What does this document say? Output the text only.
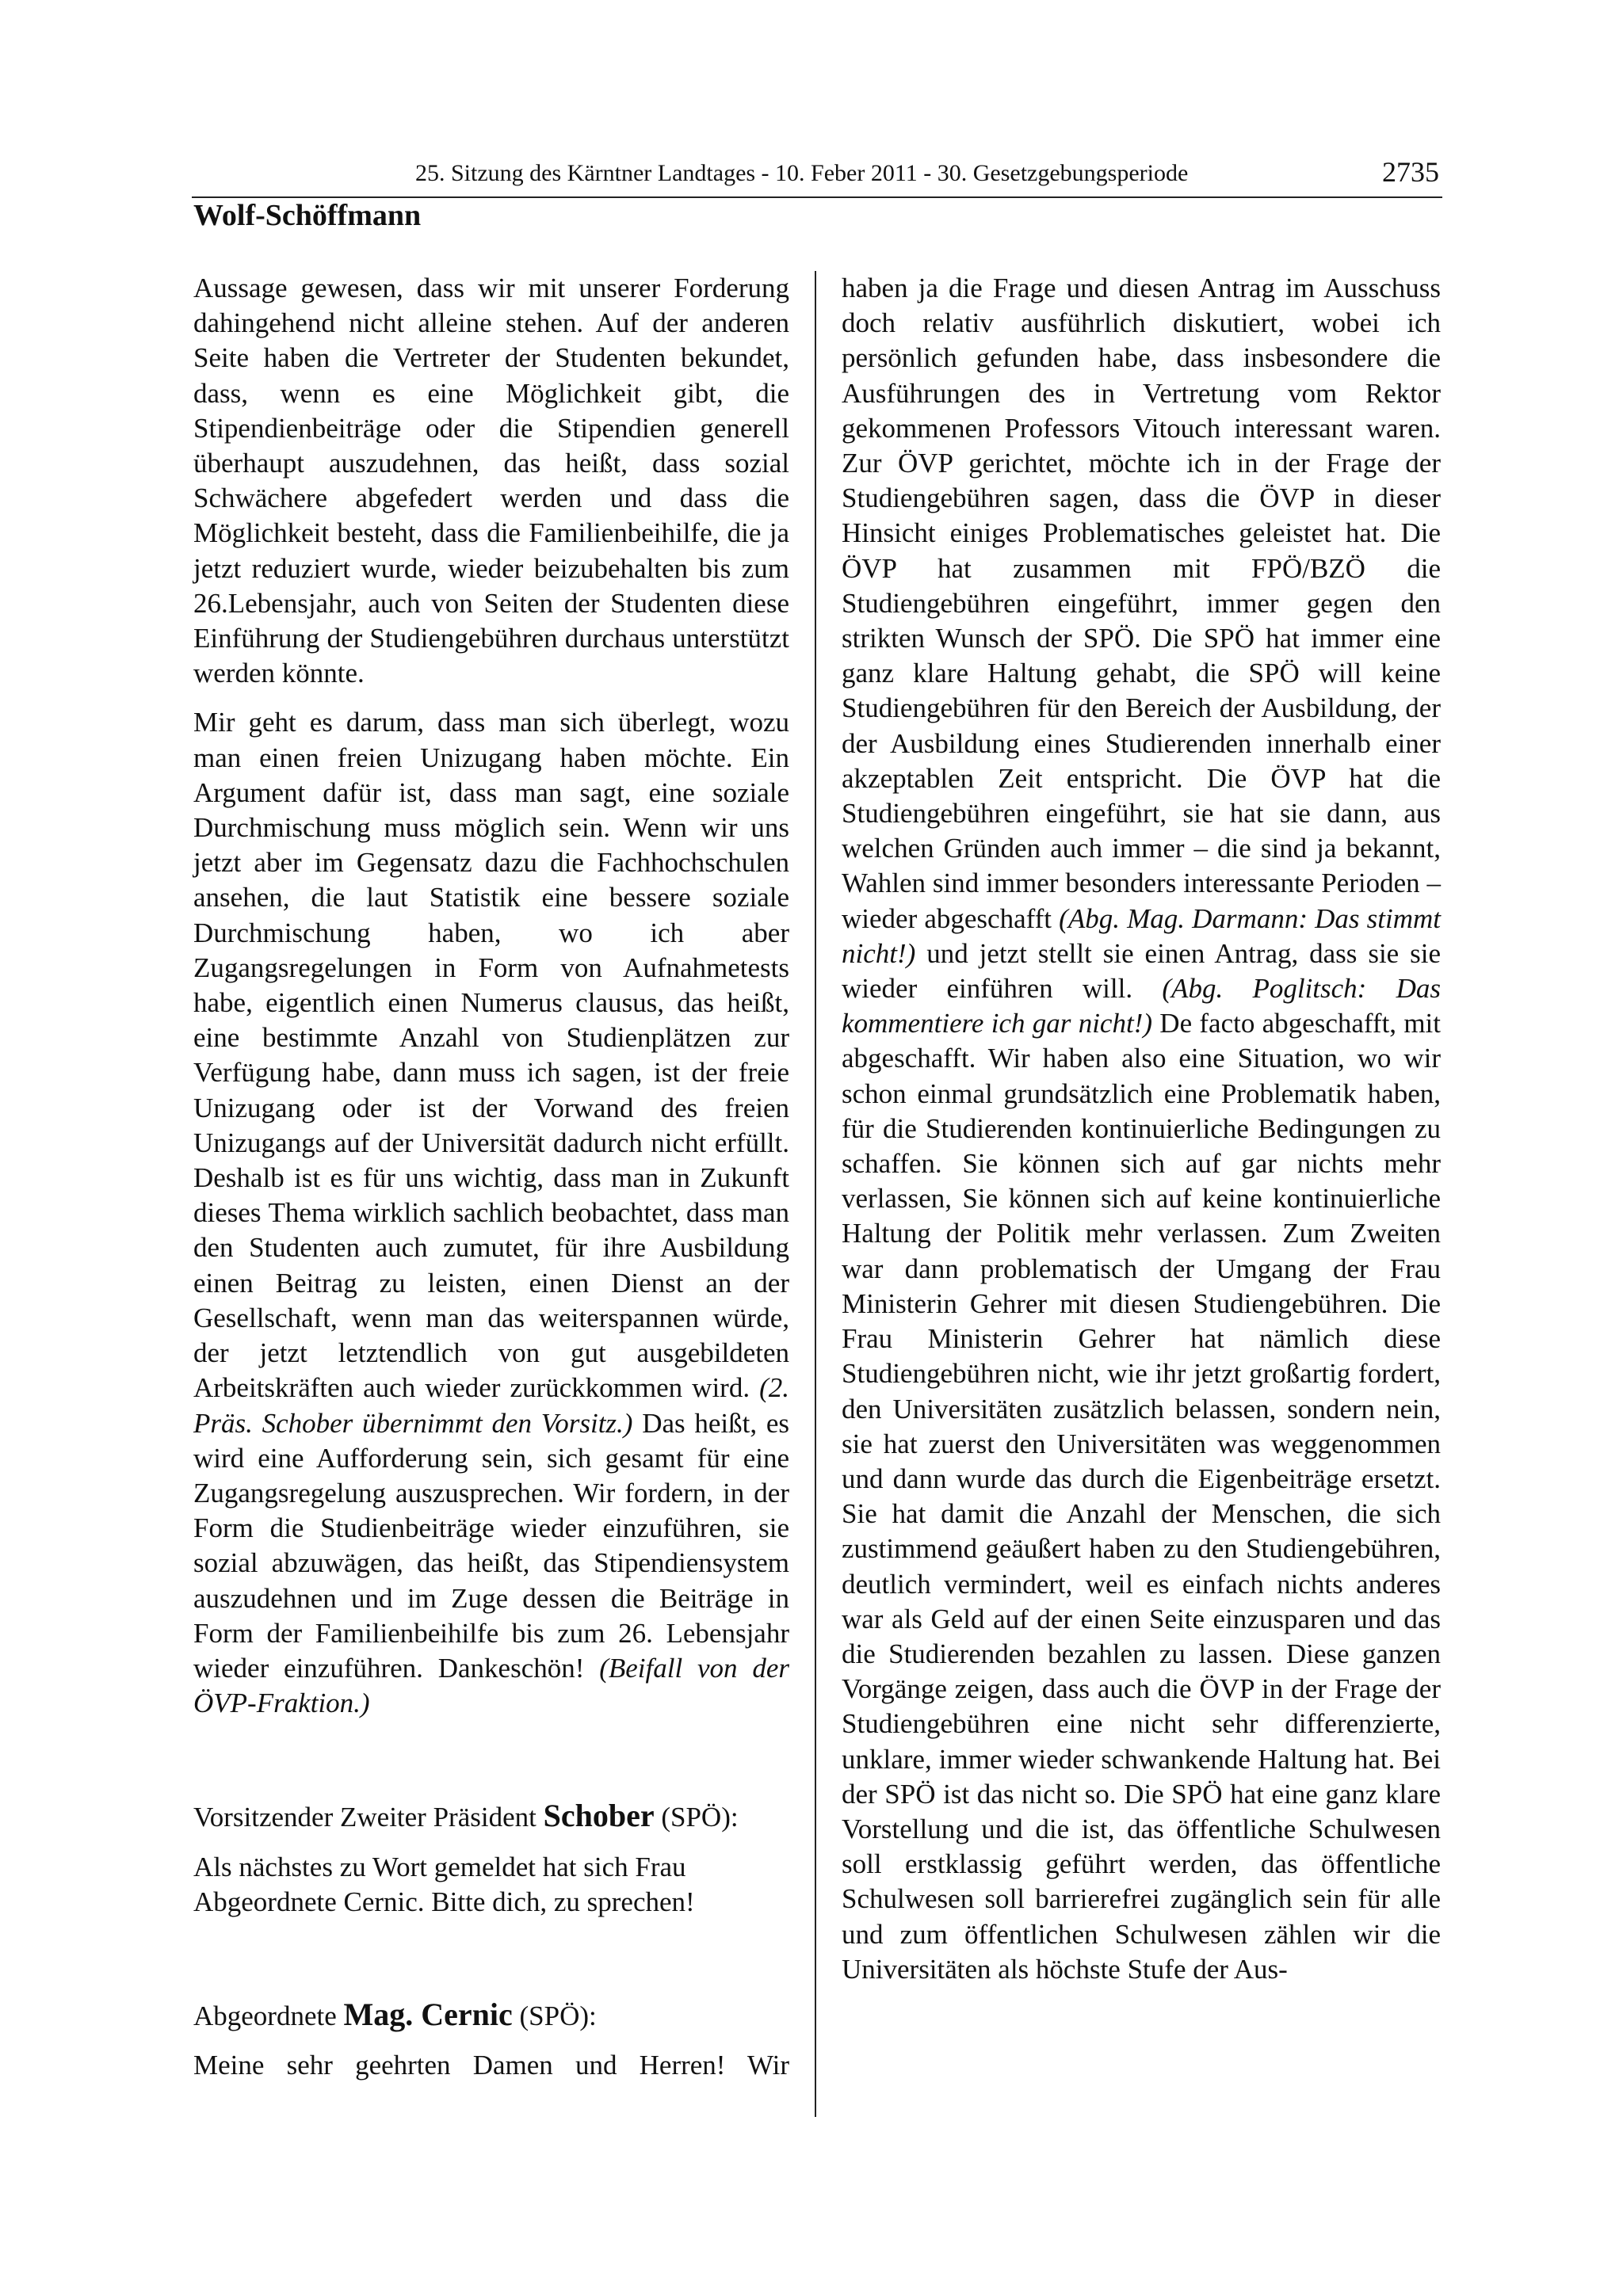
25. Sitzung des Kärntner Landtages - 10. Feber 2011 - 30. Gesetzgebungsperiode	2735
Wolf-Schöffmann

Aussage gewesen, dass wir mit unserer Forderung dahingehend nicht alleine stehen. Auf der anderen Seite haben die Vertreter der Studenten bekundet, dass, wenn es eine Möglichkeit gibt, die Stipendienbeiträge oder die Stipendien generell überhaupt auszudehnen, das heißt, dass sozial Schwächere abgefedert werden und dass die Möglichkeit besteht, dass die Familienbeihilfe, die ja jetzt reduziert wurde, wieder beizubehalten bis zum 26.Lebensjahr, auch von Seiten der Studenten diese Einführung der Studiengebühren durchaus unterstützt werden könnte.

Mir geht es darum, dass man sich überlegt, wozu man einen freien Unizugang haben möchte. Ein Argument dafür ist, dass man sagt, eine soziale Durchmischung muss möglich sein. Wenn wir uns jetzt aber im Gegensatz dazu die Fachhochschulen ansehen, die laut Statistik eine bessere soziale Durchmischung haben, wo ich aber Zugangsregelungen in Form von Aufnahmetests habe, eigentlich einen Numerus clausus, das heißt, eine bestimmte Anzahl von Studienplätzen zur Verfügung habe, dann muss ich sagen, ist der freie Unizugang oder ist der Vorwand des freien Unizugangs auf der Universität dadurch nicht erfüllt. Deshalb ist es für uns wichtig, dass man in Zukunft dieses Thema wirklich sachlich beobachtet, dass man den Studenten auch zumutet, für ihre Ausbildung einen Beitrag zu leisten, einen Dienst an der Gesellschaft, wenn man das weiterspannen würde, der jetzt letztendlich von gut ausgebildeten Arbeitskräften auch wieder zurückkommen wird. (2. Präs. Schober übernimmt den Vorsitz.) Das heißt, es wird eine Aufforderung sein, sich gesamt für eine Zugangsregelung auszusprechen. Wir fordern, in der Form die Studienbeiträge wieder einzuführen, sie sozial abzuwägen, das heißt, das Stipendiensystem auszudehnen und im Zuge dessen die Beiträge in Form der Familienbeihilfe bis zum 26. Lebensjahr wieder einzuführen. Dankeschön! (Beifall von der ÖVP-Fraktion.)

Vorsitzender Zweiter Präsident Schober (SPÖ):

Als nächstes zu Wort gemeldet hat sich Frau Abgeordnete Cernic. Bitte dich, zu sprechen!

Abgeordnete Mag. Cernic (SPÖ):

Meine sehr geehrten Damen und Herren! Wir

haben ja die Frage und diesen Antrag im Ausschuss doch relativ ausführlich diskutiert, wobei ich persönlich gefunden habe, dass insbesondere die Ausführungen des in Vertretung vom Rektor gekommenen Professors Vitouch interessant waren. Zur ÖVP gerichtet, möchte ich in der Frage der Studiengebühren sagen, dass die ÖVP in dieser Hinsicht einiges Problematisches geleistet hat. Die ÖVP hat zusammen mit FPÖ/BZÖ die Studiengebühren eingeführt, immer gegen den strikten Wunsch der SPÖ. Die SPÖ hat immer eine ganz klare Haltung gehabt, die SPÖ will keine Studiengebühren für den Bereich der Ausbildung, der der Ausbildung eines Studierenden innerhalb einer akzeptablen Zeit entspricht. Die ÖVP hat die Studiengebühren eingeführt, sie hat sie dann, aus welchen Gründen auch immer – die sind ja bekannt, Wahlen sind immer besonders interessante Perioden – wieder abgeschafft (Abg. Mag. Darmann: Das stimmt nicht!) und jetzt stellt sie einen Antrag, dass sie sie wieder einführen will. (Abg. Poglitsch: Das kommentiere ich gar nicht!) De facto abgeschafft, mit abgeschafft. Wir haben also eine Situation, wo wir schon einmal grundsätzlich eine Problematik haben, für die Studierenden kontinuierliche Bedingungen zu schaffen. Sie können sich auf gar nichts mehr verlassen, Sie können sich auf keine kontinuierliche Haltung der Politik mehr verlassen. Zum Zweiten war dann problematisch der Umgang der Frau Ministerin Gehrer mit diesen Studiengebühren. Die Frau Ministerin Gehrer hat nämlich diese Studiengebühren nicht, wie ihr jetzt großartig fordert, den Universitäten zusätzlich belassen, sondern nein, sie hat zuerst den Universitäten was weggenommen und dann wurde das durch die Eigenbeiträge ersetzt. Sie hat damit die Anzahl der Menschen, die sich zustimmend geäußert haben zu den Studiengebühren, deutlich vermindert, weil es einfach nichts anderes war als Geld auf der einen Seite einzusparen und das die Studierenden bezahlen zu lassen. Diese ganzen Vorgänge zeigen, dass auch die ÖVP in der Frage der Studiengebühren eine nicht sehr differenzierte, unklare, immer wieder schwankende Haltung hat. Bei der SPÖ ist das nicht so. Die SPÖ hat eine ganz klare Vorstellung und die ist, das öffentliche Schulwesen soll erstklassig geführt werden, das öffentliche Schulwesen soll barrierefrei zugänglich sein für alle und zum öffentlichen Schulwesen zählen wir die Universitäten als höchste Stufe der Aus-
